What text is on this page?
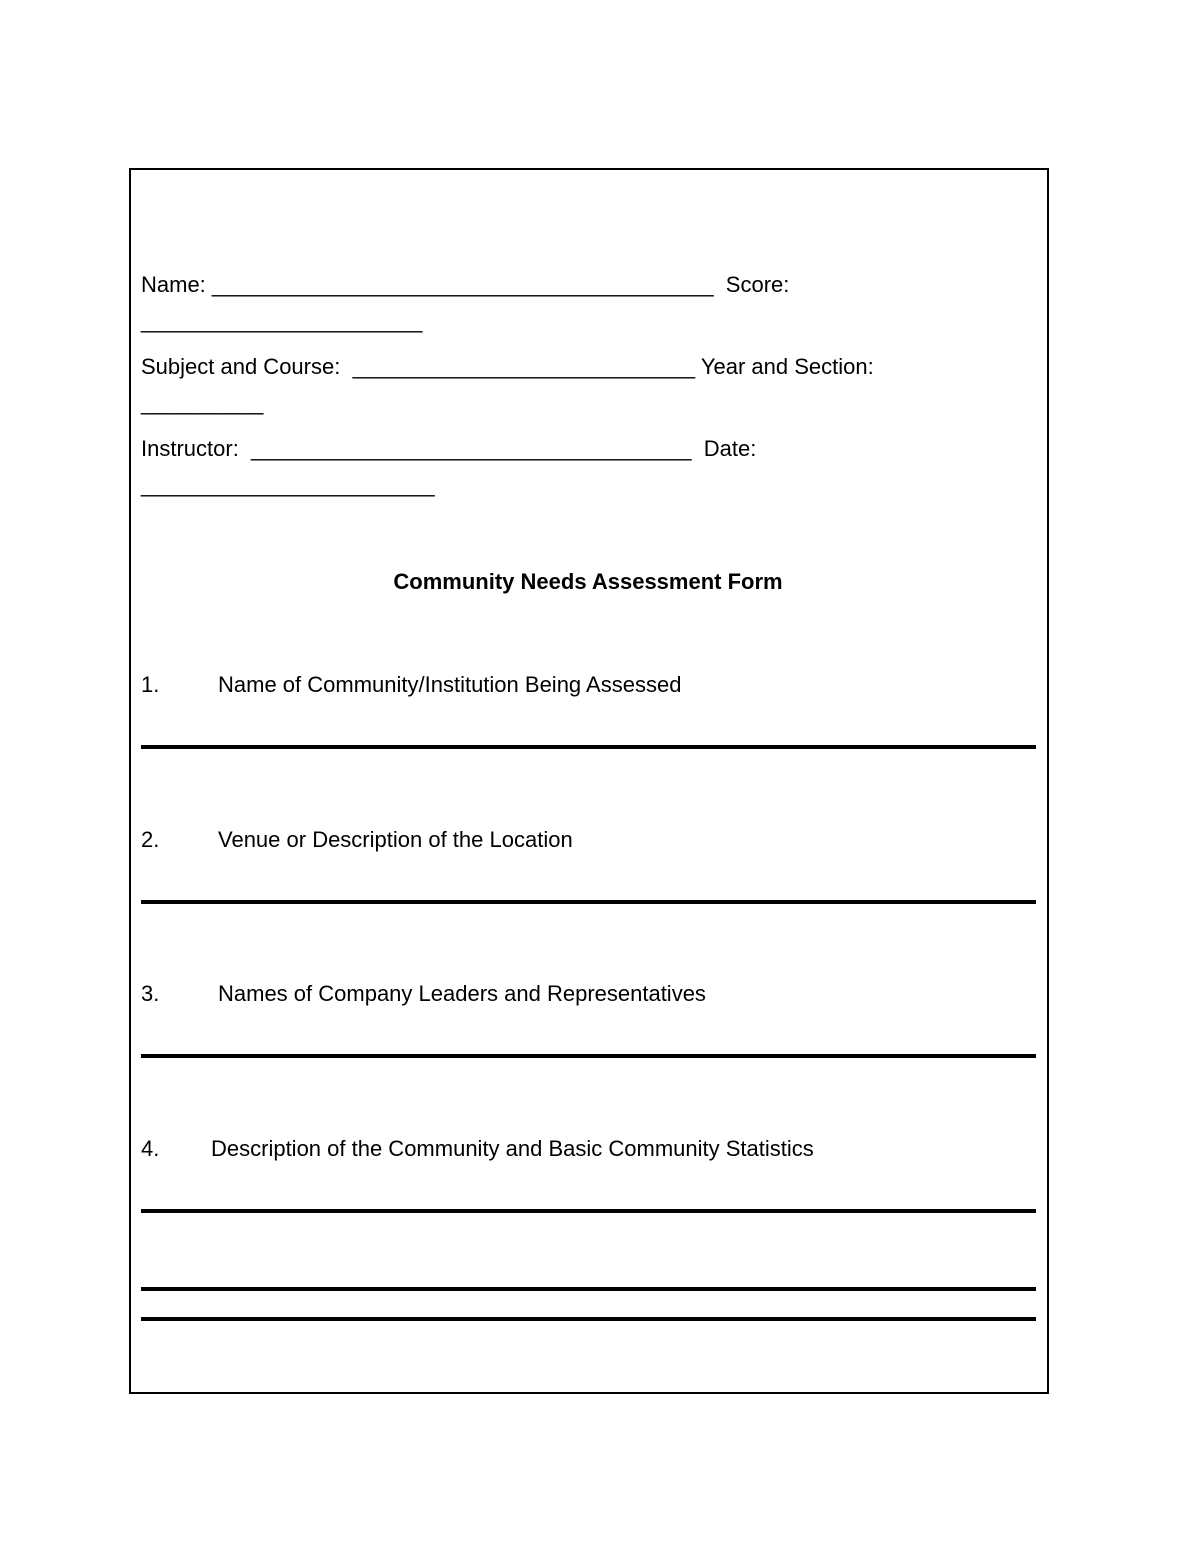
Name: _________________________________________  Score:
_______________________
Subject and Course:  ____________________________ Year and Section:
__________
Instructor:  ____________________________________  Date:
________________________
Community Needs Assessment Form
1.	Name of Community/Institution Being Assessed
2.	Venue or Description of the Location
3.	Names of Company Leaders and Representatives
4. Description of the Community and Basic Community Statistics
